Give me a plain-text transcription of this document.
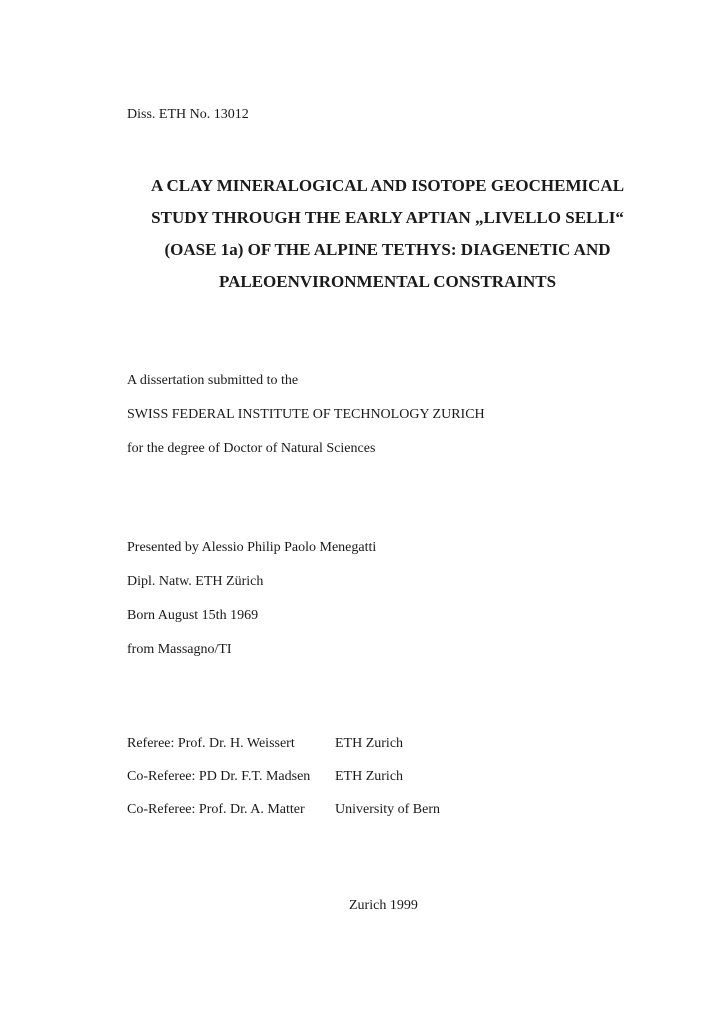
Diss. ETH No. 13012
A CLAY MINERALOGICAL AND ISOTOPE GEOCHEMICAL
STUDY THROUGH THE EARLY APTIAN „LIVELLO SELLI“
(OASE 1a) OF THE ALPINE TETHYS: DIAGENETIC AND
PALEOENVIRONMENTAL CONSTRAINTS
A dissertation submitted to the
SWISS FEDERAL INSTITUTE OF TECHNOLOGY ZURICH
for the degree of Doctor of Natural Sciences
Presented by Alessio Philip Paolo Menegatti
Dipl. Natw. ETH Zürich
Born August 15th 1969
from Massagno/TI
Referee: Prof. Dr. H. Weissert	ETH Zurich
Co-Referee: PD Dr. F.T. Madsen	ETH Zurich
Co-Referee: Prof. Dr. A. Matter	University of Bern
Zurich 1999
